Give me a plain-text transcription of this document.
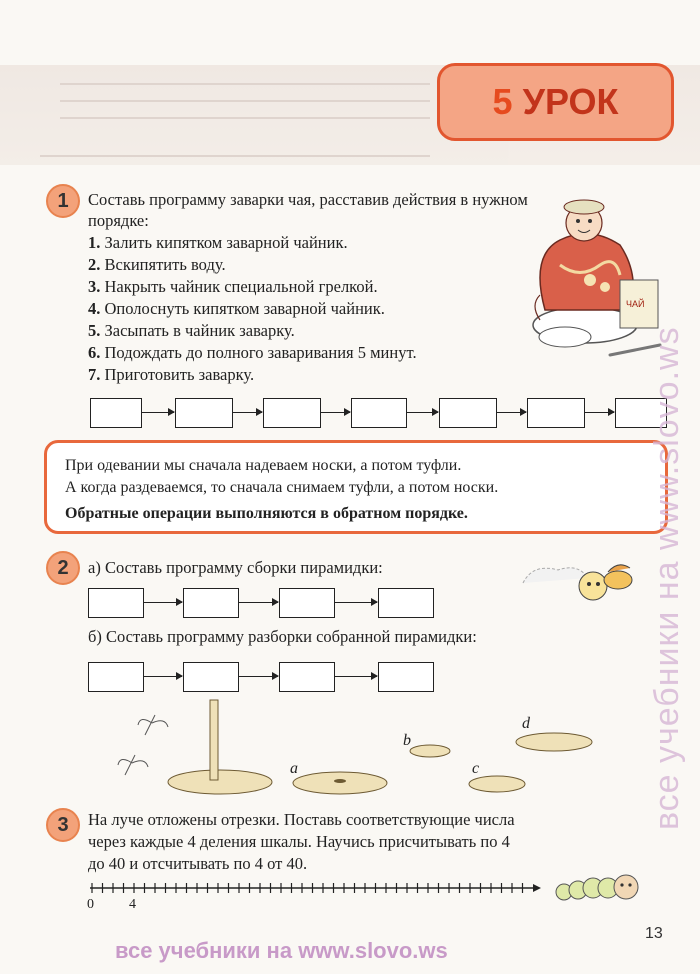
5 УРОК
1 Составь программу заварки чая, расставив действия в нужном
порядке:
1. Залить кипятком заварной чайник.
2. Вскипятить воду.
3. Накрыть чайник специальной грелкой.
4. Ополоснуть кипятком заварной чайник.
5. Засыпать в чайник заварку.
6. Подождать до полного заваривания 5 минут.
7. Приготовить заварку.
ЧАЙ
При одевании мы сначала надеваем носки, а потом туфли.
А когда раздеваемся, то сначала снимаем туфли, а потом носки.
Обратные операции выполняются в обратном порядке.
2 а) Составь программу сборки пирамидки:
б) Составь программу разборки собранной пирамидки:
a
b
c
d
3 На луче отложены отрезки. Поставь соответствующие числа
через каждые 4 деления шкалы. Научись присчитывать по 4
до 40 и отсчитывать по 4 от 40.
0	4
13
все учебники на www.slovo.ws
все учебники на www.slovo.ws
